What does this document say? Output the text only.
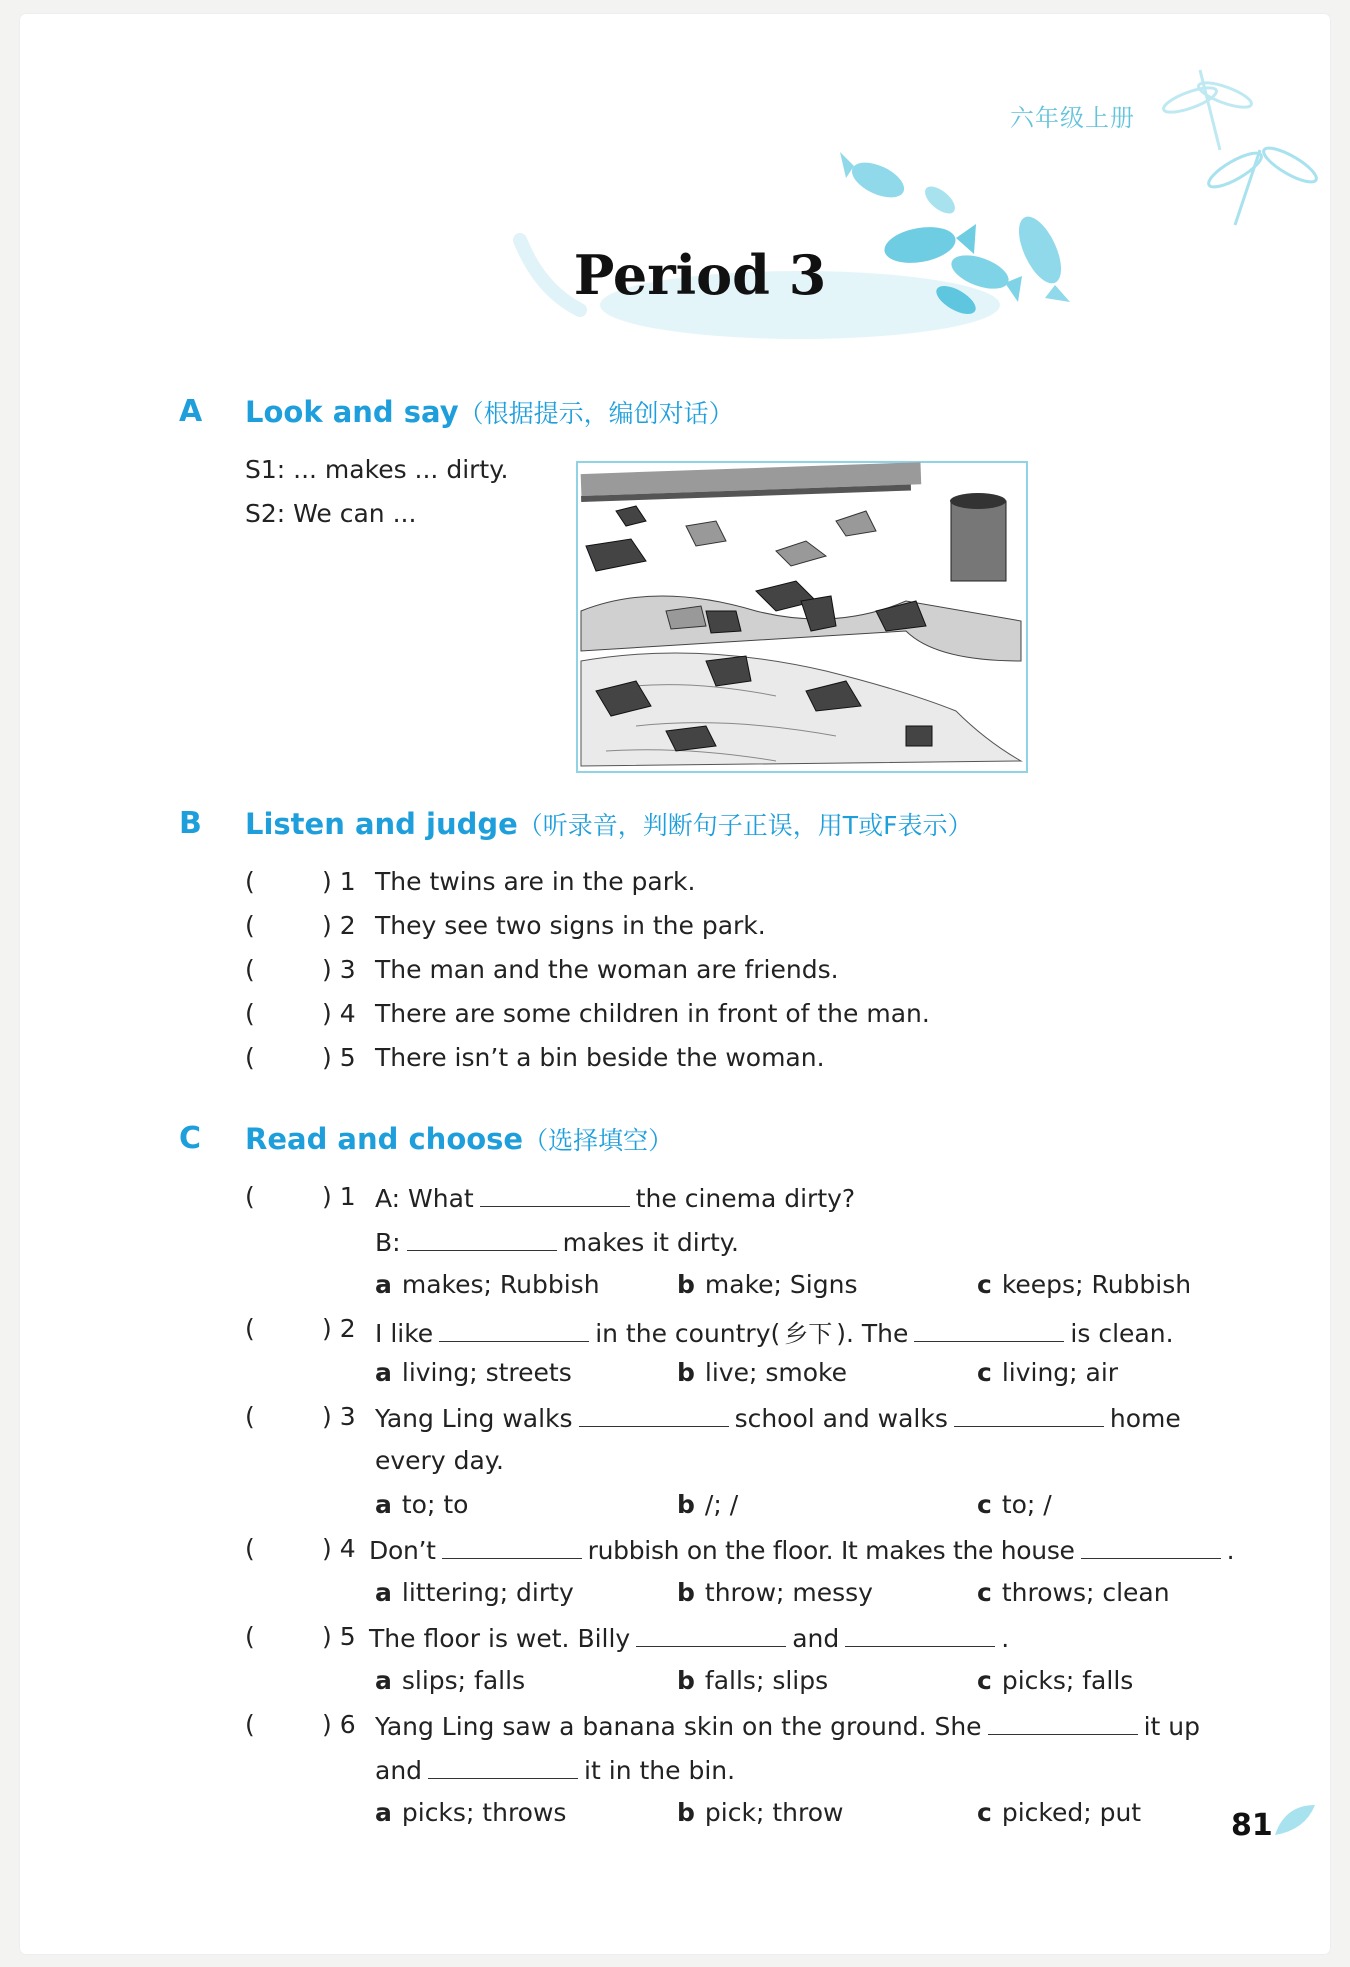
六年级上册
Period 3
A Look and say（根据提示，编创对话）
S1: ... makes ... dirty.
S2: We can ...
B Listen and judge（听录音，判断句子正误，用T或F表示）
(	) 1 The twins are in the park.
(	) 2 They see two signs in the park.
(	) 3 The man and the woman are friends.
(	) 4 There are some children in front of the man.
(	) 5 There isn’t a bin beside the woman.
C Read and choose（选择填空）
(	) 1 A: What	the cinema dirty?
B:	makes it dirty.
a makes; Rubbish	b make; Signs	c keeps; Rubbish
(	) 2 I like	in the country( 乡下 ). The	is clean.
a living; streets	b live; smoke	c living; air
(	) 3 Yang Ling walks	school and walks	home
every day.
a to; to	b /; /	c to; /
(	) 4 Don’t	rubbish on the floor. It makes the house	.
a littering; dirty	b throw; messy	c throws; clean
(	) 5 The floor is wet. Billy	and	.
a slips; falls	b falls; slips	c picks; falls
(	) 6 Yang Ling saw a banana skin on the ground. She	it up
and	it in the bin.
a picks; throws	b pick; throw	c picked; put	81
